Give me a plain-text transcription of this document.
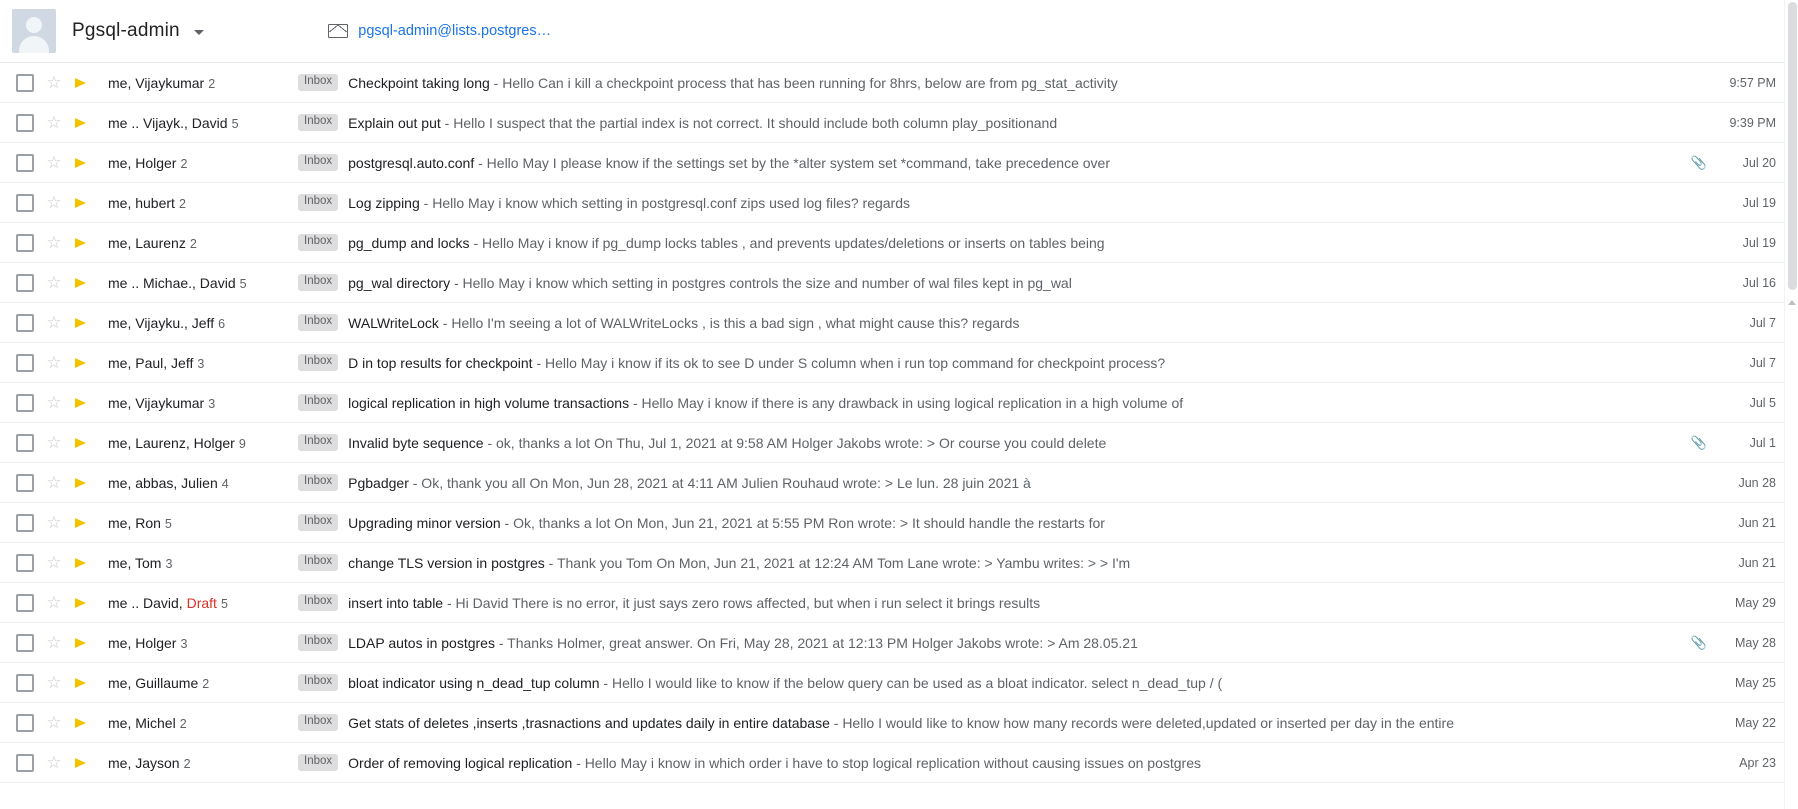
Pgsql-admin	pgsql-admin@lists.postgres…
☆	me, Vijaykumar 2	Inbox	Checkpoint taking long - Hello Can i kill a checkpoint process that has been running for 8hrs, below are from pg_stat_activity	9:57 PM
☆	me .. Vijayk., David 5	Inbox	Explain out put - Hello I suspect that the partial index is not correct. It should include both column play_positionand	9:39 PM
☆	me, Holger 2	Inbox	postgresql.auto.conf - Hello May I please know if the settings set by the *alter system set *command, take precedence over	📎	Jul 20
☆	me, hubert 2	Inbox	Log zipping - Hello May i know which setting in postgresql.conf zips used log files? regards	Jul 19
☆	me, Laurenz 2	Inbox	pg_dump and locks - Hello May i know if pg_dump locks tables , and prevents updates/deletions or inserts on tables being	Jul 19
☆	me .. Michae., David 5	Inbox	pg_wal directory - Hello May i know which setting in postgres controls the size and number of wal files kept in pg_wal	Jul 16
☆	me, Vijayku., Jeff 6	Inbox	WALWriteLock - Hello I'm seeing a lot of WALWriteLocks , is this a bad sign , what might cause this? regards	Jul 7
☆	me, Paul, Jeff 3	Inbox	D in top results for checkpoint - Hello May i know if its ok to see D under S column when i run top command for checkpoint process?	Jul 7
☆	me, Vijaykumar 3	Inbox	logical replication in high volume transactions - Hello May i know if there is any drawback in using logical replication in a high volume of	Jul 5
☆	me, Laurenz, Holger 9	Inbox	Invalid byte sequence - ok, thanks a lot On Thu, Jul 1, 2021 at 9:58 AM Holger Jakobs wrote: > Or course you could delete	📎	Jul 1
☆	me, abbas, Julien 4	Inbox	Pgbadger - Ok, thank you all On Mon, Jun 28, 2021 at 4:11 AM Julien Rouhaud wrote: > Le lun. 28 juin 2021 à	Jun 28
☆	me, Ron 5	Inbox	Upgrading minor version - Ok, thanks a lot On Mon, Jun 21, 2021 at 5:55 PM Ron wrote: > It should handle the restarts for	Jun 21
☆	me, Tom 3	Inbox	change TLS version in postgres - Thank you Tom On Mon, Jun 21, 2021 at 12:24 AM Tom Lane wrote: > Yambu writes: > > I'm	Jun 21
☆	me .. David, Draft 5	Inbox	insert into table - Hi David There is no error, it just says zero rows affected, but when i run select it brings results	May 29
☆	me, Holger 3	Inbox	LDAP autos in postgres - Thanks Holmer, great answer. On Fri, May 28, 2021 at 12:13 PM Holger Jakobs wrote: > Am 28.05.21	📎	May 28
☆	me, Guillaume 2	Inbox	bloat indicator using n_dead_tup column - Hello I would like to know if the below query can be used as a bloat indicator. select n_dead_tup / (	May 25
☆	me, Michel 2	Inbox	Get stats of deletes ,inserts ,trasnactions and updates daily in entire database - Hello I would like to know how many records were deleted,updated or inserted per day in the entire	May 22
☆	me, Jayson 2	Inbox	Order of removing logical replication - Hello May i know in which order i have to stop logical replication without causing issues on postgres	Apr 23
